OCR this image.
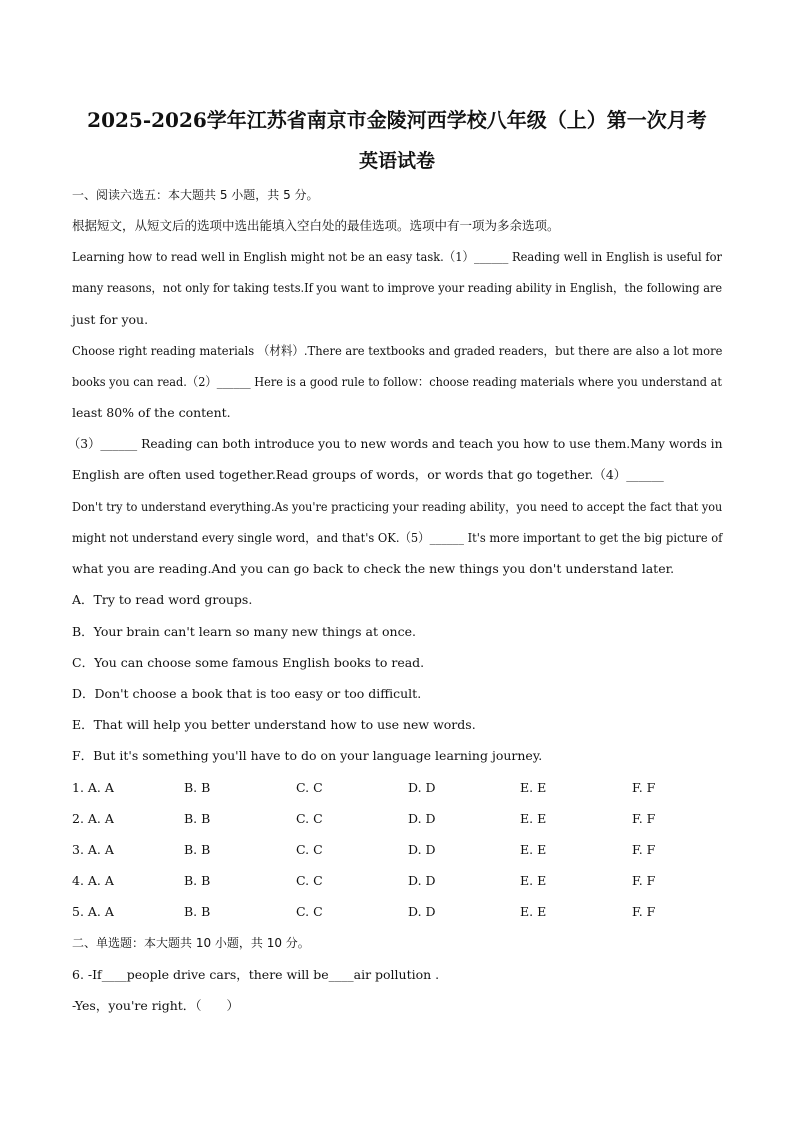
2025-2026学年江苏省南京市金陵河西学校八年级（上）第一次月考
英语试卷
一、阅读六选五：本大题共 5 小题，共 5 分。
根据短文，从短文后的选项中选出能填入空白处的最佳选项。选项中有一项为多余选项。
Learning how to read well in English might not be an easy task.（1）______ Reading well in English is useful for
many reasons，not only for taking tests.If you want to improve your reading ability in English，the following are
just for you.
Choose right reading materials （材料）.There are textbooks and graded readers，but there are also a lot more
books you can read.（2）______ Here is a good rule to follow：choose reading materials where you understand at
least 80% of the content.
（3）______ Reading can both introduce you to new words and teach you how to use them.Many words in
English are often used together.Read groups of words，or words that go together.（4）______
Don't try to understand everything.As you're practicing your reading ability，you need to accept the fact that you
might not understand every single word，and that's OK.（5）______ It's more important to get the big picture of
what you are reading.And you can go back to check the new things you don't understand later.
A．Try to read word groups.
B．Your brain can't learn so many new things at once.
C．You can choose some famous English books to read.
D．Don't choose a book that is too easy or too difficult.
E．That will help you better understand how to use new words.
F．But it's something you'll have to do on your language learning journey.
1. A. A	B. B	C. C	D. D	E. E	F. F
2. A. A	B. B	C. C	D. D	E. E	F. F
3. A. A	B. B	C. C	D. D	E. E	F. F
4. A. A	B. B	C. C	D. D	E. E	F. F
5. A. A	B. B	C. C	D. D	E. E	F. F
二、单选题：本大题共 10 小题，共 10 分。
6. -If____people drive cars，there will be____air pollution .
-Yes，you're right．（　　）
